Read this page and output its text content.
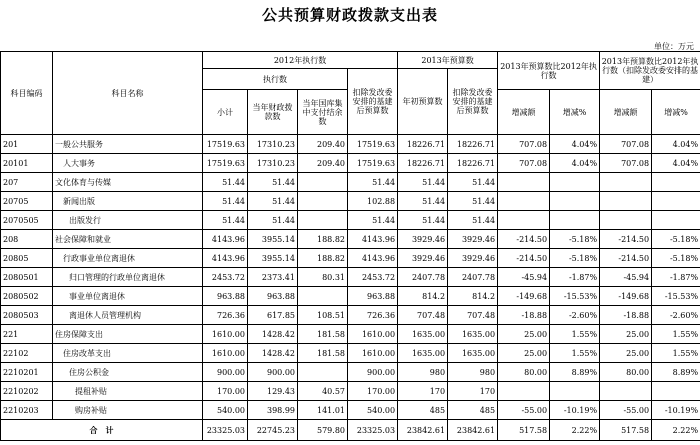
公共预算财政拨款支出表
单位：万元
科目编码	科目名称	2012年执行数				2013年预算数		2013年预算数比2012年执行数		2013年预算数比2012年执行数（扣除发改委安排的基建）	
		执行数			扣除发改委安排的基建后预算数	年初预算数	扣除发改委安排的基建后预算数				
		小计	当年财政拨款数	当年国库集中支付结余数				增减额	增减%	增减额	增减%
201	一般公共服务	17519.63	17310.23	209.40	17519.63	18226.71	18226.71	707.08	4.04%	707.08	4.04%
20101	人大事务	17519.63	17310.23	209.40	17519.63	18226.71	18226.71	707.08	4.04%	707.08	4.04%
207	文化体育与传媒	51.44	51.44		51.44	51.44	51.44				
20705	新闻出版	51.44	51.44		102.88	51.44	51.44				
2070505	出版发行	51.44	51.44		51.44	51.44	51.44				
208	社会保障和就业	4143.96	3955.14	188.82	4143.96	3929.46	3929.46	-214.50	-5.18%	-214.50	-5.18%
20805	行政事业单位离退休	4143.96	3955.14	188.82	4143.96	3929.46	3929.46	-214.50	-5.18%	-214.50	-5.18%
2080501	归口管理的行政单位离退休	2453.72	2373.41	80.31	2453.72	2407.78	2407.78	-45.94	-1.87%	-45.94	-1.87%
2080502	事业单位离退休	963.88	963.88		963.88	814.2	814.2	-149.68	-15.53%	-149.68	-15.53%
2080503	离退休人员管理机构	726.36	617.85	108.51	726.36	707.48	707.48	-18.88	-2.60%	-18.88	-2.60%
221	住房保障支出	1610.00	1428.42	181.58	1610.00	1635.00	1635.00	25.00	1.55%	25.00	1.55%
22102	住房改革支出	1610.00	1428.42	181.58	1610.00	1635.00	1635.00	25.00	1.55%	25.00	1.55%
2210201	住房公积金	900.00	900.00		900.00	980	980	80.00	8.89%	80.00	8.89%
2210202	提租补贴	170.00	129.43	40.57	170.00	170	170				
2210203	购房补贴	540.00	398.99	141.01	540.00	485	485	-55.00	-10.19%	-55.00	-10.19%
合　计		23325.03	22745.23	579.80	23325.03	23842.61	23842.61	517.58	2.22%	517.58	2.22%
